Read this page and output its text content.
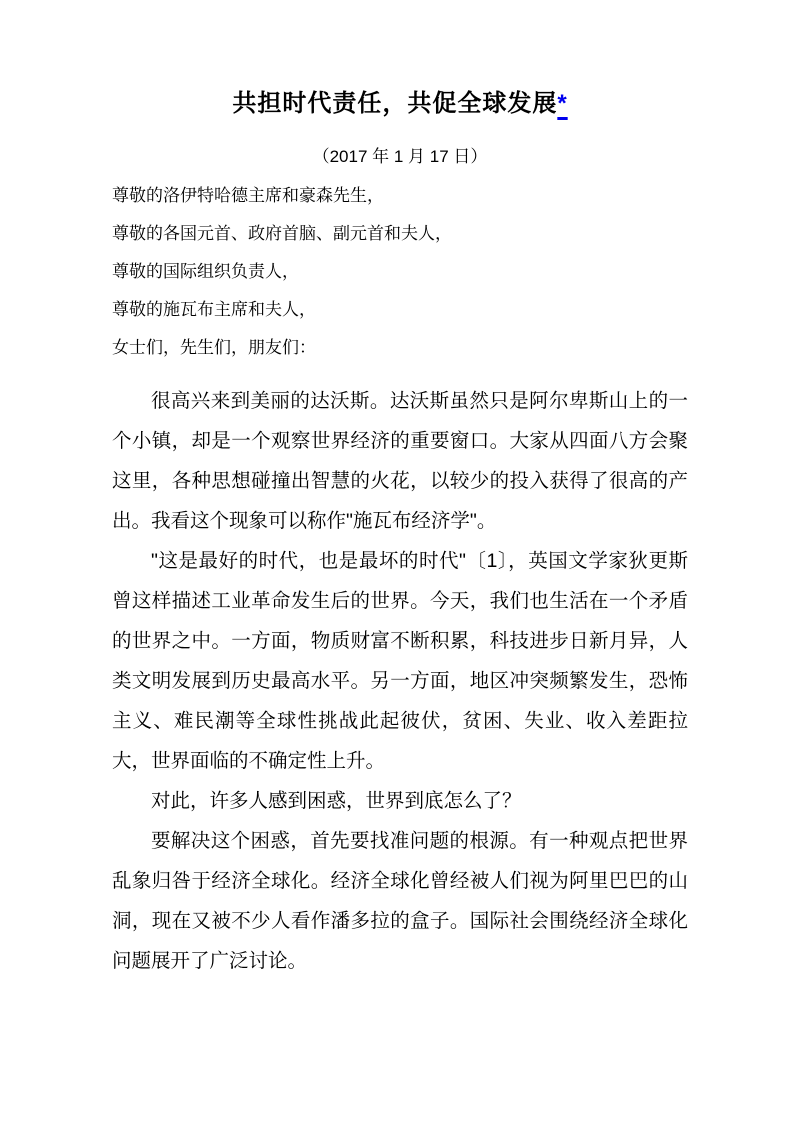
共担时代责任，共促全球发展*
（2017 年 1 月 17 日）
尊敬的洛伊特哈德主席和豪森先生，
尊敬的各国元首、政府首脑、副元首和夫人，
尊敬的国际组织负责人，
尊敬的施瓦布主席和夫人，
女士们，先生们，朋友们：
很高兴来到美丽的达沃斯。达沃斯虽然只是阿尔卑斯山上的一
个小镇，却是一个观察世界经济的重要窗口。大家从四面八方会聚
这里，各种思想碰撞出智慧的火花，以较少的投入获得了很高的产
出。我看这个现象可以称作"施瓦布经济学"。
"这是最好的时代，也是最坏的时代"〔1〕，英国文学家狄更斯
曾这样描述工业革命发生后的世界。今天，我们也生活在一个矛盾
的世界之中。一方面，物质财富不断积累，科技进步日新月异，人
类文明发展到历史最高水平。另一方面，地区冲突频繁发生，恐怖
主义、难民潮等全球性挑战此起彼伏，贫困、失业、收入差距拉
大，世界面临的不确定性上升。
对此，许多人感到困惑，世界到底怎么了？
要解决这个困惑，首先要找准问题的根源。有一种观点把世界
乱象归咎于经济全球化。经济全球化曾经被人们视为阿里巴巴的山
洞，现在又被不少人看作潘多拉的盒子。国际社会围绕经济全球化
问题展开了广泛讨论。
